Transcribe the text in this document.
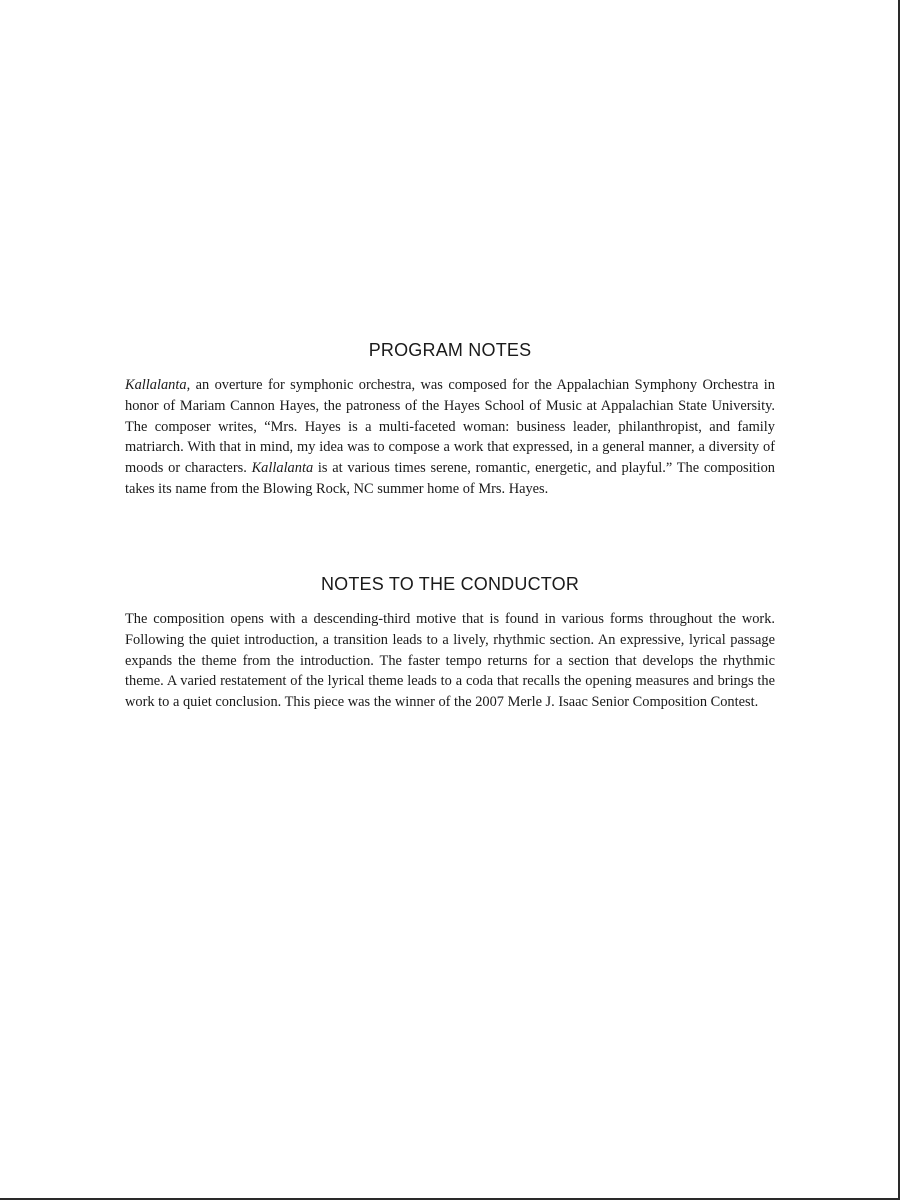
PROGRAM NOTES

Kallalanta, an overture for symphonic orchestra, was composed for the Appalachian Symphony Orchestra in honor of Mariam Cannon Hayes, the patroness of the Hayes School of Music at Appalachian State University. The composer writes, “Mrs. Hayes is a multi-faceted woman: business leader, philanthropist, and family matriarch. With that in mind, my idea was to compose a work that expressed, in a general manner, a diversity of moods or characters. Kallalanta is at various times serene, romantic, energetic, and playful.” The composition takes its name from the Blowing Rock, NC summer home of Mrs. Hayes.

NOTES TO THE CONDUCTOR

The composition opens with a descending-third motive that is found in various forms throughout the work. Following the quiet introduction, a transition leads to a lively, rhythmic section. An expressive, lyrical passage expands the theme from the introduction. The faster tempo returns for a section that develops the rhythmic theme. A varied restatement of the lyrical theme leads to a coda that recalls the opening measures and brings the work to a quiet conclusion. This piece was the winner of the 2007 Merle J. Isaac Senior Composition Contest.
